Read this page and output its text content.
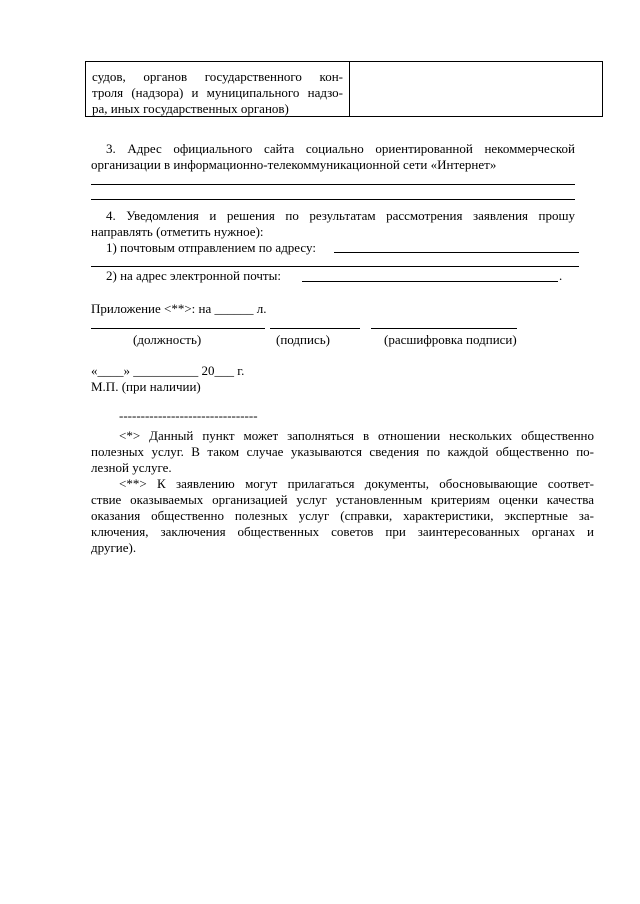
судов, органов государственного кон-
троля (надзора) и муниципального надзо-
ра, иных государственных органов)
3. Адрес официального сайта социально ориентированной некоммерческой
организации в информационно-телекоммуникационной сети «Интернет»
4. Уведомления и решения по результатам рассмотрения заявления прошу
направлять (отметить нужное):
1) почтовым отправлением по адресу:
2) на адрес электронной почты:	.
Приложение <**>: на ______ л.
(должность)	(подпись)	(расшифровка подписи)
«____» __________ 20___ г.
М.П. (при наличии)
--------------------------------
<*> Данный пункт может заполняться в отношении нескольких общественно
полезных услуг. В таком случае указываются сведения по каждой общественно по-
лезной услуге.
<**> К заявлению могут прилагаться документы, обосновывающие соответ-
ствие оказываемых организацией услуг установленным критериям оценки качества
оказания общественно полезных услуг (справки, характеристики, экспертные за-
ключения, заключения общественных советов при заинтересованных органах и
другие).
